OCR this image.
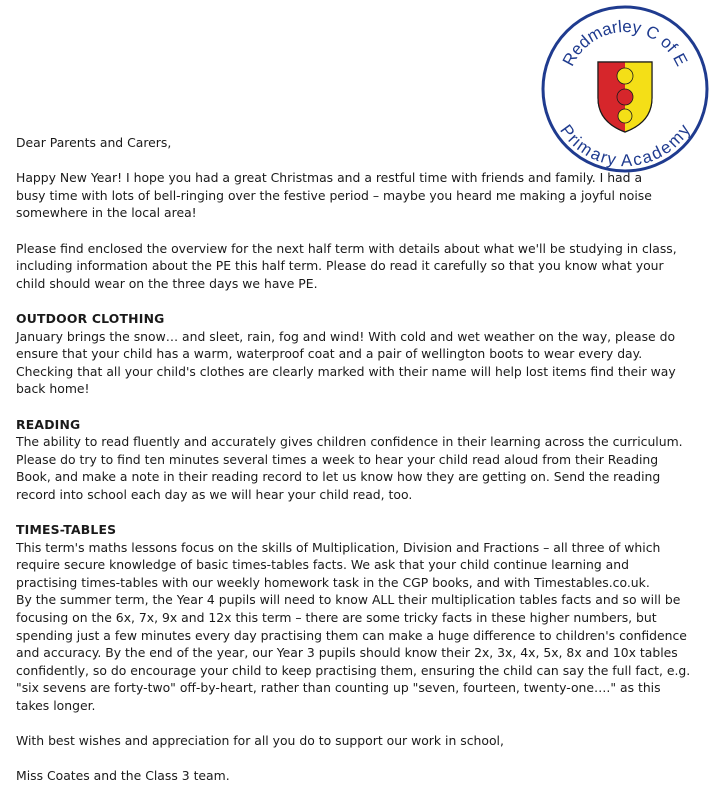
Redmarley C of E
Primary Academy

Dear Parents and Carers,

Happy New Year! I hope you had a great Christmas and a restful time with friends and family. I had a
busy time with lots of bell-ringing over the festive period – maybe you heard me making a joyful noise
somewhere in the local area!

Please find enclosed the overview for the next half term with details about what we'll be studying in class,
including information about the PE this half term. Please do read it carefully so that you know what your
child should wear on the three days we have PE.

OUTDOOR CLOTHING

January brings the snow… and sleet, rain, fog and wind! With cold and wet weather on the way, please do
ensure that your child has a warm, waterproof coat and a pair of wellington boots to wear every day.
Checking that all your child's clothes are clearly marked with their name will help lost items find their way
back home!

READING

The ability to read fluently and accurately gives children confidence in their learning across the curriculum.
Please do try to find ten minutes several times a week to hear your child read aloud from their Reading
Book, and make a note in their reading record to let us know how they are getting on. Send the reading
record into school each day as we will hear your child read, too.

TIMES-TABLES

This term's maths lessons focus on the skills of Multiplication, Division and Fractions – all three of which
require secure knowledge of basic times-tables facts. We ask that your child continue learning and
practising times-tables with our weekly homework task in the CGP books, and with Timestables.co.uk.
By the summer term, the Year 4 pupils will need to know ALL their multiplication tables facts and so will be
focusing on the 6x, 7x, 9x and 12x this term – there are some tricky facts in these higher numbers, but
spending just a few minutes every day practising them can make a huge difference to children's confidence
and accuracy. By the end of the year, our Year 3 pupils should know their 2x, 3x, 4x, 5x, 8x and 10x tables
confidently, so do encourage your child to keep practising them, ensuring the child can say the full fact, e.g.
"six sevens are forty-two" off-by-heart, rather than counting up "seven, fourteen, twenty-one…." as this
takes longer.

With best wishes and appreciation for all you do to support our work in school,

Miss Coates and the Class 3 team.
